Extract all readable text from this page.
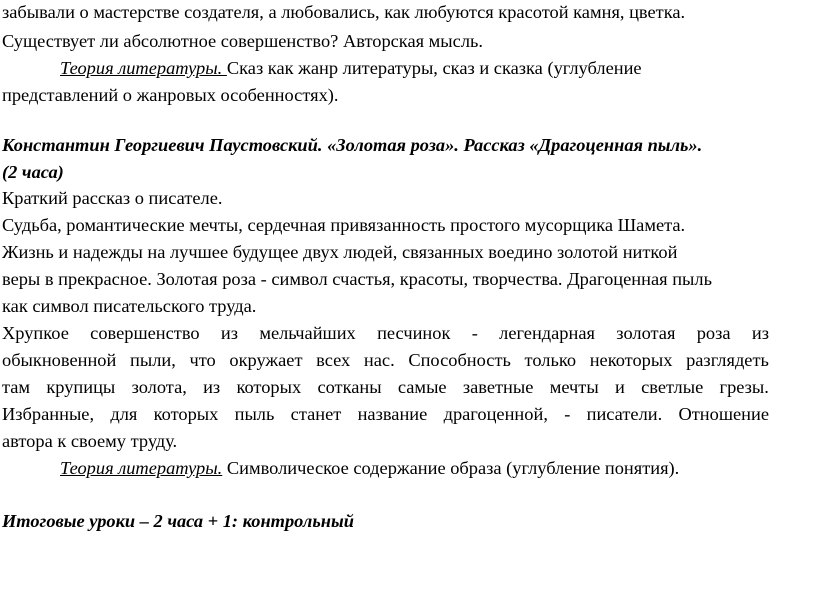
забывали о мастерстве создателя, а любовались, как любуются красотой камня, цветка.
Существует ли абсолютное совершенство? Авторская мысль.
Теория литературы. Сказ как жанр литературы, сказ и сказка (углубление
представлений о жанровых особенностях).
Константин Георгиевич Паустовский. «Золотая роза». Рассказ «Драгоценная пыль».
(2 часа)
Краткий рассказ о писателе.
Судьба, романтические мечты, сердечная привязанность простого мусорщика Шамета.
Жизнь и надежды на лучшее будущее двух людей, связанных воедино золотой ниткой
веры в прекрасное. Золотая роза - символ счастья, красоты, творчества. Драгоценная пыль
как символ писательского труда.
Хрупкое совершенство из мельчайших песчинок - легендарная золотая роза из
обыкновенной пыли, что окружает всех нас. Способность только некоторых разглядеть
там крупицы золота, из которых сотканы самые заветные мечты и светлые грезы.
Избранные, для которых пыль станет название драгоценной, - писатели. Отношение
автора к своему труду.
Теория литературы. Символическое содержание образа (углубление понятия).
Итоговые уроки – 2 часа + 1: контрольный
